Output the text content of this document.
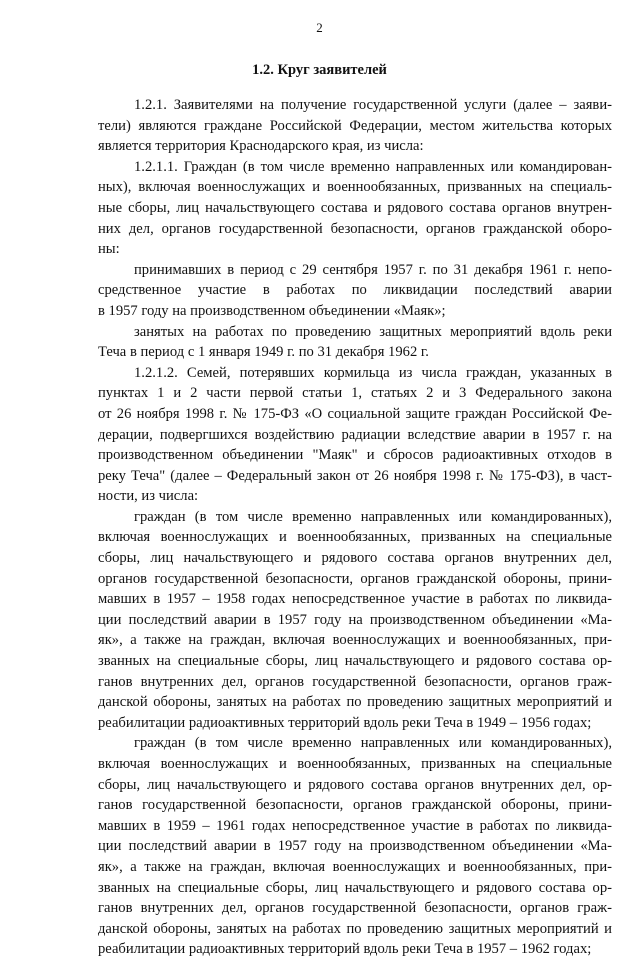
2
1.2. Круг заявителей
1.2.1. Заявителями на получение государственной услуги (далее – заяви-
тели) являются граждане Российской Федерации, местом жительства которых
является территория Краснодарского края, из числа:
1.2.1.1. Граждан (в том числе временно направленных или командирован-
ных), включая военнослужащих и военнообязанных, призванных на специаль-
ные сборы, лиц начальствующего состава и рядового состава органов внутрен-
них дел, органов государственной безопасности, органов гражданской оборо-
ны:
принимавших в период с 29 сентября 1957 г. по 31 декабря 1961 г. непо-
средственное участие в работах по ликвидации последствий аварии
в 1957 году на производственном объединении «Маяк»;
занятых на работах по проведению защитных мероприятий вдоль реки
Теча в период с 1 января 1949 г. по 31 декабря 1962 г.
1.2.1.2. Семей, потерявших кормильца из числа граждан, указанных в
пунктах 1 и 2 части первой статьи 1, статьях 2 и 3 Федерального закона
от 26 ноября 1998 г. № 175-ФЗ «О социальной защите граждан Российской Фе-
дерации, подвергшихся воздействию радиации вследствие аварии в 1957 г. на
производственном объединении "Маяк" и сбросов радиоактивных отходов в
реку Теча" (далее – Федеральный закон от 26 ноября 1998 г. № 175-ФЗ), в част-
ности, из числа:
граждан (в том числе временно направленных или командированных),
включая военнослужащих и военнообязанных, призванных на специальные
сборы, лиц начальствующего и рядового состава органов внутренних дел,
органов государственной безопасности, органов гражданской обороны, прини-
мавших в 1957 – 1958 годах непосредственное участие в работах по ликвида-
ции последствий аварии в 1957 году на производственном объединении «Ма-
як», а также на граждан, включая военнослужащих и военнообязанных, при-
званных на специальные сборы, лиц начальствующего и рядового состава ор-
ганов внутренних дел, органов государственной безопасности, органов граж-
данской обороны, занятых на работах по проведению защитных мероприятий и
реабилитации радиоактивных территорий вдоль реки Теча в 1949 – 1956 годах;
граждан (в том числе временно направленных или командированных),
включая военнослужащих и военнообязанных, призванных на специальные
сборы, лиц начальствующего и рядового состава органов внутренних дел, ор-
ганов государственной безопасности, органов гражданской обороны, прини-
мавших в 1959 – 1961 годах непосредственное участие в работах по ликвида-
ции последствий аварии в 1957 году на производственном объединении «Ма-
як», а также на граждан, включая военнослужащих и военнообязанных, при-
званных на специальные сборы, лиц начальствующего и рядового состава ор-
ганов внутренних дел, органов государственной безопасности, органов граж-
данской обороны, занятых на работах по проведению защитных мероприятий и
реабилитации радиоактивных территорий вдоль реки Теча в 1957 – 1962 годах;
